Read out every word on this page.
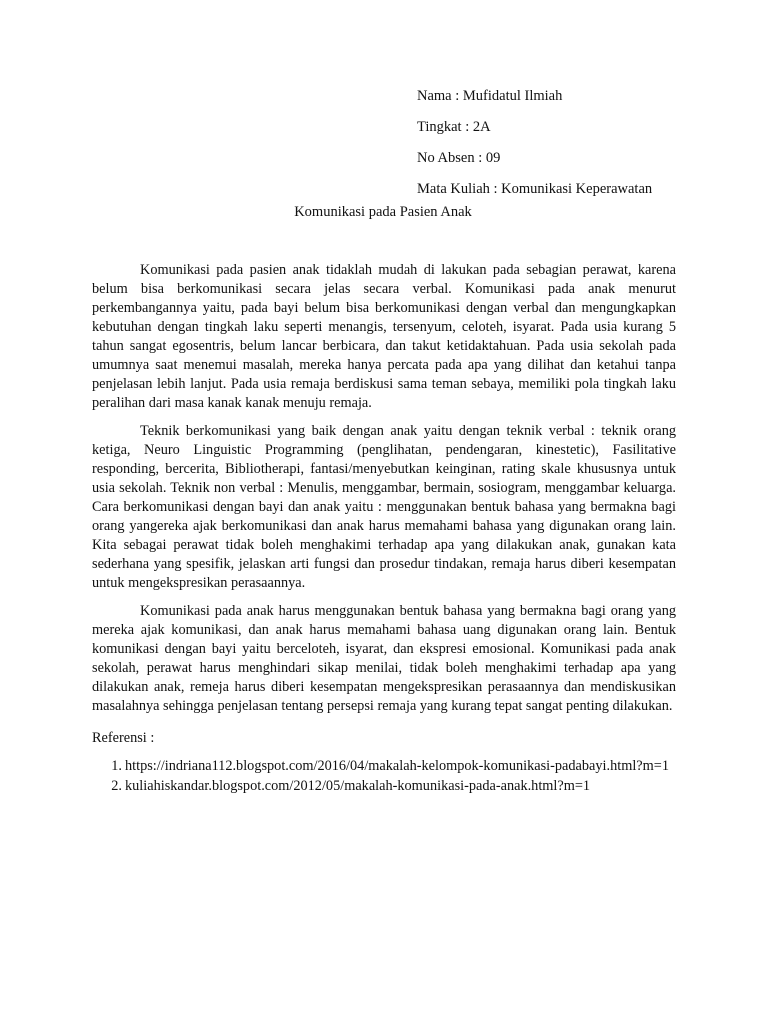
Nama : Mufidatul Ilmiah
Tingkat : 2A
No Absen : 09
Mata Kuliah : Komunikasi Keperawatan
Komunikasi pada Pasien Anak

Komunikasi pada pasien anak tidaklah mudah di lakukan pada sebagian perawat, karena belum bisa berkomunikasi secara jelas secara verbal. Komunikasi pada anak menurut perkembangannya yaitu, pada bayi belum bisa berkomunikasi dengan verbal dan mengungkapkan kebutuhan dengan tingkah laku seperti menangis, tersenyum, celoteh, isyarat. Pada usia kurang 5 tahun sangat egosentris, belum lancar berbicara, dan takut ketidaktahuan. Pada usia sekolah pada umumnya saat menemui masalah, mereka hanya percata pada apa yang dilihat dan ketahui tanpa penjelasan lebih lanjut. Pada usia remaja berdiskusi sama teman sebaya, memiliki pola tingkah laku peralihan dari masa kanak kanak menuju remaja.

Teknik berkomunikasi yang baik dengan anak yaitu dengan teknik verbal : teknik orang ketiga, Neuro Linguistic Programming (penglihatan, pendengaran, kinestetic), Fasilitative responding, bercerita, Bibliotherapi, fantasi/menyebutkan keinginan, rating skale khususnya untuk usia sekolah. Teknik non verbal : Menulis, menggambar, bermain, sosiogram, menggambar keluarga. Cara berkomunikasi dengan bayi dan anak yaitu : menggunakan bentuk bahasa yang bermakna bagi orang yangereka ajak berkomunikasi dan anak harus memahami bahasa yang digunakan orang lain. Kita sebagai perawat tidak boleh menghakimi terhadap apa yang dilakukan anak, gunakan kata sederhana yang spesifik, jelaskan arti fungsi dan prosedur tindakan, remaja harus diberi kesempatan untuk mengekspresikan perasaannya.

Komunikasi pada anak harus menggunakan bentuk bahasa yang bermakna bagi orang yang mereka ajak komunikasi, dan anak harus memahami bahasa uang digunakan orang lain. Bentuk komunikasi dengan bayi yaitu berceloteh, isyarat, dan ekspresi emosional. Komunikasi pada anak sekolah, perawat harus menghindari sikap menilai, tidak boleh menghakimi terhadap apa yang dilakukan anak, remeja harus diberi kesempatan mengekspresikan perasaannya dan mendiskusikan masalahnya sehingga penjelasan tentang persepsi remaja yang kurang tepat sangat penting dilakukan.

Referensi :
1. https://indriana112.blogspot.com/2016/04/makalah-kelompok-komunikasi-padabayi.html?m=1
2. kuliahiskandar.blogspot.com/2012/05/makalah-komunikasi-pada-anak.html?m=1
